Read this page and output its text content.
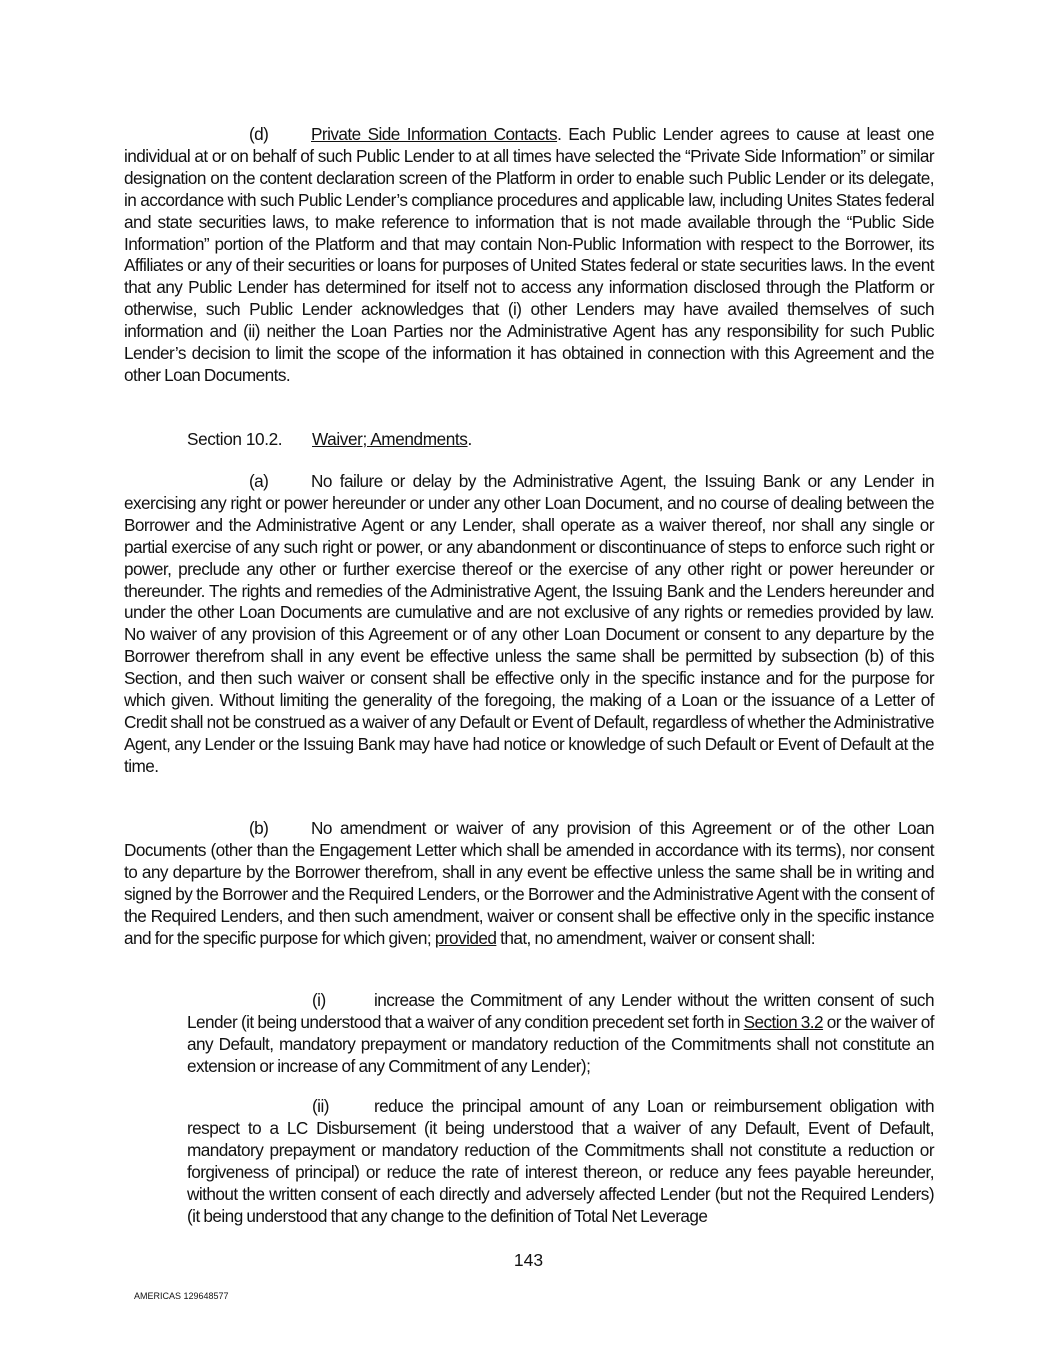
(d) Private Side Information Contacts. Each Public Lender agrees to cause at least one individual at or on behalf of such Public Lender to at all times have selected the “Private Side Information” or similar designation on the content declaration screen of the Platform in order to enable such Public Lender or its delegate, in accordance with such Public Lender’s compliance procedures and applicable law, including Unites States federal and state securities laws, to make reference to information that is not made available through the “Public Side Information” portion of the Platform and that may contain Non-Public Information with respect to the Borrower, its Affiliates or any of their securities or loans for purposes of United States federal or state securities laws. In the event that any Public Lender has determined for itself not to access any information disclosed through the Platform or otherwise, such Public Lender acknowledges that (i) other Lenders may have availed themselves of such information and (ii) neither the Loan Parties nor the Administrative Agent has any responsibility for such Public Lender’s decision to limit the scope of the information it has obtained in connection with this Agreement and the other Loan Documents.

Section 10.2. Waiver; Amendments.

(a) No failure or delay by the Administrative Agent, the Issuing Bank or any Lender in exercising any right or power hereunder or under any other Loan Document, and no course of dealing between the Borrower and the Administrative Agent or any Lender, shall operate as a waiver thereof, nor shall any single or partial exercise of any such right or power, or any abandonment or discontinuance of steps to enforce such right or power, preclude any other or further exercise thereof or the exercise of any other right or power hereunder or thereunder. The rights and remedies of the Administrative Agent, the Issuing Bank and the Lenders hereunder and under the other Loan Documents are cumulative and are not exclusive of any rights or remedies provided by law. No waiver of any provision of this Agreement or of any other Loan Document or consent to any departure by the Borrower therefrom shall in any event be effective unless the same shall be permitted by subsection (b) of this Section, and then such waiver or consent shall be effective only in the specific instance and for the purpose for which given. Without limiting the generality of the foregoing, the making of a Loan or the issuance of a Letter of Credit shall not be construed as a waiver of any Default or Event of Default, regardless of whether the Administrative Agent, any Lender or the Issuing Bank may have had notice or knowledge of such Default or Event of Default at the time.

(b) No amendment or waiver of any provision of this Agreement or of the other Loan Documents (other than the Engagement Letter which shall be amended in accordance with its terms), nor consent to any departure by the Borrower therefrom, shall in any event be effective unless the same shall be in writing and signed by the Borrower and the Required Lenders, or the Borrower and the Administrative Agent with the consent of the Required Lenders, and then such amendment, waiver or consent shall be effective only in the specific instance and for the specific purpose for which given; provided that, no amendment, waiver or consent shall:

(i)	increase the Commitment of any Lender without the written consent of such Lender (it being understood that a waiver of any condition precedent set forth in Section 3.2 or the waiver of any Default, mandatory prepayment or mandatory reduction of the Commitments shall not constitute an extension or increase of any Commitment of any Lender);

(ii)	reduce the principal amount of any Loan or reimbursement obligation with respect to a LC Disbursement (it being understood that a waiver of any Default, Event of Default, mandatory prepayment or mandatory reduction of the Commitments shall not constitute a reduction or forgiveness of principal) or reduce the rate of interest thereon, or reduce any fees payable hereunder, without the written consent of each directly and adversely affected Lender (but not the Required Lenders) (it being understood that any change to the definition of Total Net Leverage

143
AMERICAS 129648577
